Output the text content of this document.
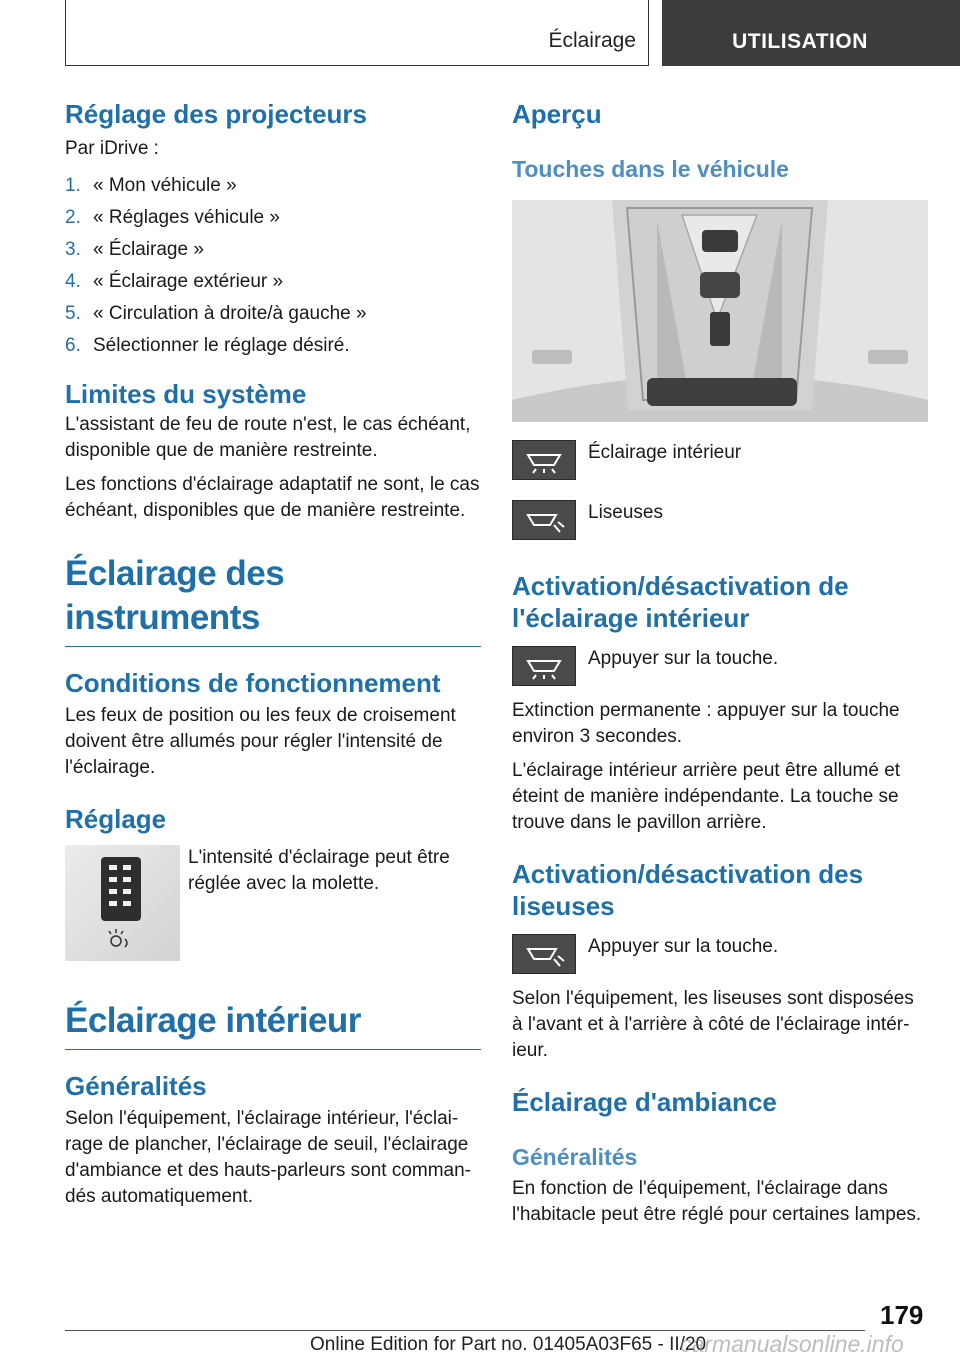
Éclairage	UTILISATION
Réglage des projecteurs

Par iDrive :

1. « Mon véhicule »
2. « Réglages véhicule »
3. « Éclairage »
4. « Éclairage extérieur »
5. « Circulation à droite/à gauche »
6. Sélectionner le réglage désiré.
Limites du système

L'assistant de feu de route n'est, le cas échéant, disponible que de manière restreinte.

Les fonctions d'éclairage adaptatif ne sont, le cas échéant, disponibles que de manière restreinte.

Éclairage des instruments
Conditions de fonctionnement

Les feux de position ou les feux de croisement doivent être allumés pour régler l'intensité de l'éclairage.

Réglage

L'intensité d'éclairage peut être réglée avec la molette.

Éclairage intérieur
Généralités

Selon l'équipement, l'éclairage intérieur, l'éclai-rage de plancher, l'éclairage de seuil, l'éclairage d'ambiance et des hauts-parleurs sont comman-dés automatiquement.

Aperçu
Touches dans le véhicule

Éclairage intérieur

Liseuses

Activation/désactivation de l'éclairage intérieur

Appuyer sur la touche.

Extinction permanente : appuyer sur la touche environ 3 secondes.

L'éclairage intérieur arrière peut être allumé et éteint de manière indépendante. La touche se trouve dans le pavillon arrière.

Activation/désactivation des liseuses

Appuyer sur la touche.

Selon l'équipement, les liseuses sont disposées à l'avant et à l'arrière à côté de l'éclairage intér-ieur.

Éclairage d'ambiance
Généralités

En fonction de l'équipement, l'éclairage dans l'habitacle peut être réglé pour certaines lampes.

179
Online Edition for Part no. 01405A03F65 - II/20
carmanualsonline.info
